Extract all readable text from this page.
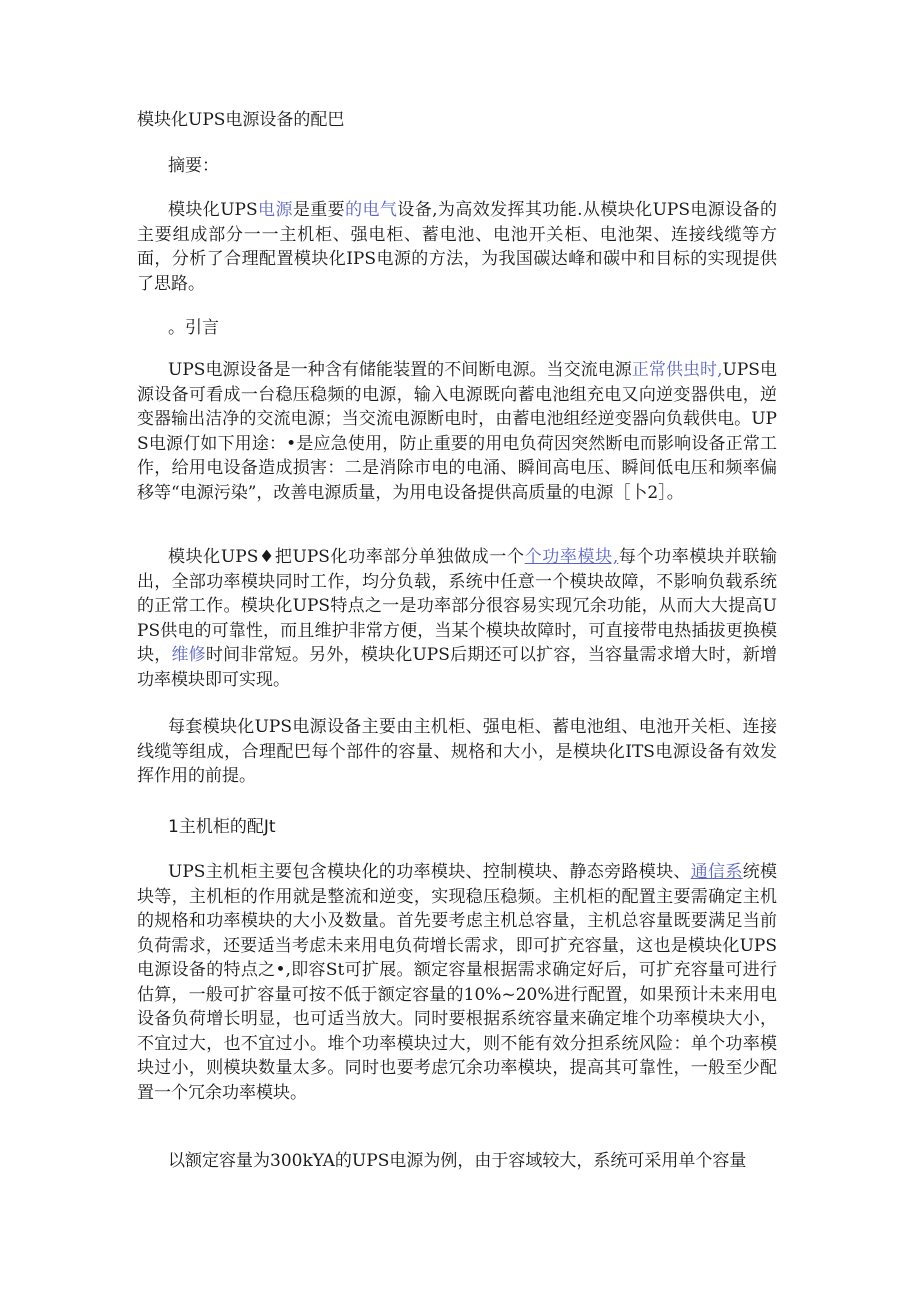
模块化UPS电源设备的配巴
摘要：

模块化UPS电源是重要的电气设备,为高效发挥其功能.从模块化UPS电源设备的主要组成部分一一主机柜、强电柜、蓄电池、电池开关柜、电池架、连接线缆等方面，分析了合理配置模块化IPS电源的方法，为我国碳达峰和碳中和目标的实现提供了思路。

。引言

UPS电源设备是一种含有储能装置的不间断电源。当交流电源正常供虫时,UPS电源设备可看成一台稳压稳频的电源，输入电源既向蓄电池组充电又向逆变器供电，逆变器输出洁净的交流电源；当交流电源断电时，由蓄电池组经逆变器向负载供电。UPS电源仃如下用途：•是应急使用，防止重要的用电负荷因突然断电而影响设备正常工作，给用电设备造成损害：二是消除市电的电涌、瞬间高电压、瞬间低电压和频率偏移等“电源污染”，改善电源质量，为用电设备提供高质量的电源［卜2］。

模块化UPS♦把UPS化功率部分单独做成一个个功率模块,每个功率模块并联输出，全部功率模块同时工作，均分负载，系统中任意一个模块故障，不影响负载系统的正常工作。模块化UPS特点之一是功率部分很容易实现冗余功能，从而大大提高UPS供电的可靠性，而且维护非常方便，当某个模块故障时，可直接带电热插拔更换模块，维修时间非常短。另外，模块化UPS后期还可以扩容，当容量需求增大时，新增功率模块即可实现。

每套模块化UPS电源设备主要由主机柜、强电柜、蓄电池组、电池开关柜、连接线缆等组成，合理配巴每个部件的容量、规格和大小，是模块化ITS电源设备有效发挥作用的前提。

1主机柜的配Jt

UPS主机柜主要包含模块化的功率模块、控制模块、静态旁路模块、通信系统模块等，主机柜的作用就是整流和逆变，实现稳压稳频。主机柜的配置主要需确定主机的规格和功率模块的大小及数量。首先要考虑主机总容量，主机总容量既要满足当前负荷需求，还要适当考虑未来用电负荷增长需求，即可扩充容量，这也是模块化UPS电源设备的特点之•,即容St可扩展。额定容量根据需求确定好后，可扩充容量可进行估算，一般可扩容量可按不低于额定容量的10%~20%进行配置，如果预计未来用电设备负荷增长明显，也可适当放大。同时要根据系统容量来确定堆个功率模块大小，不宜过大，也不宜过小。堆个功率模块过大，则不能有效分担系统风险：单个功率模块过小，则模块数量太多。同时也要考虑冗余功率模块，提高其可靠性，一般至少配置一个冗余功率模块。

以额定容量为300kYA的UPS电源为例，由于容域较大，系统可采用单个容量
